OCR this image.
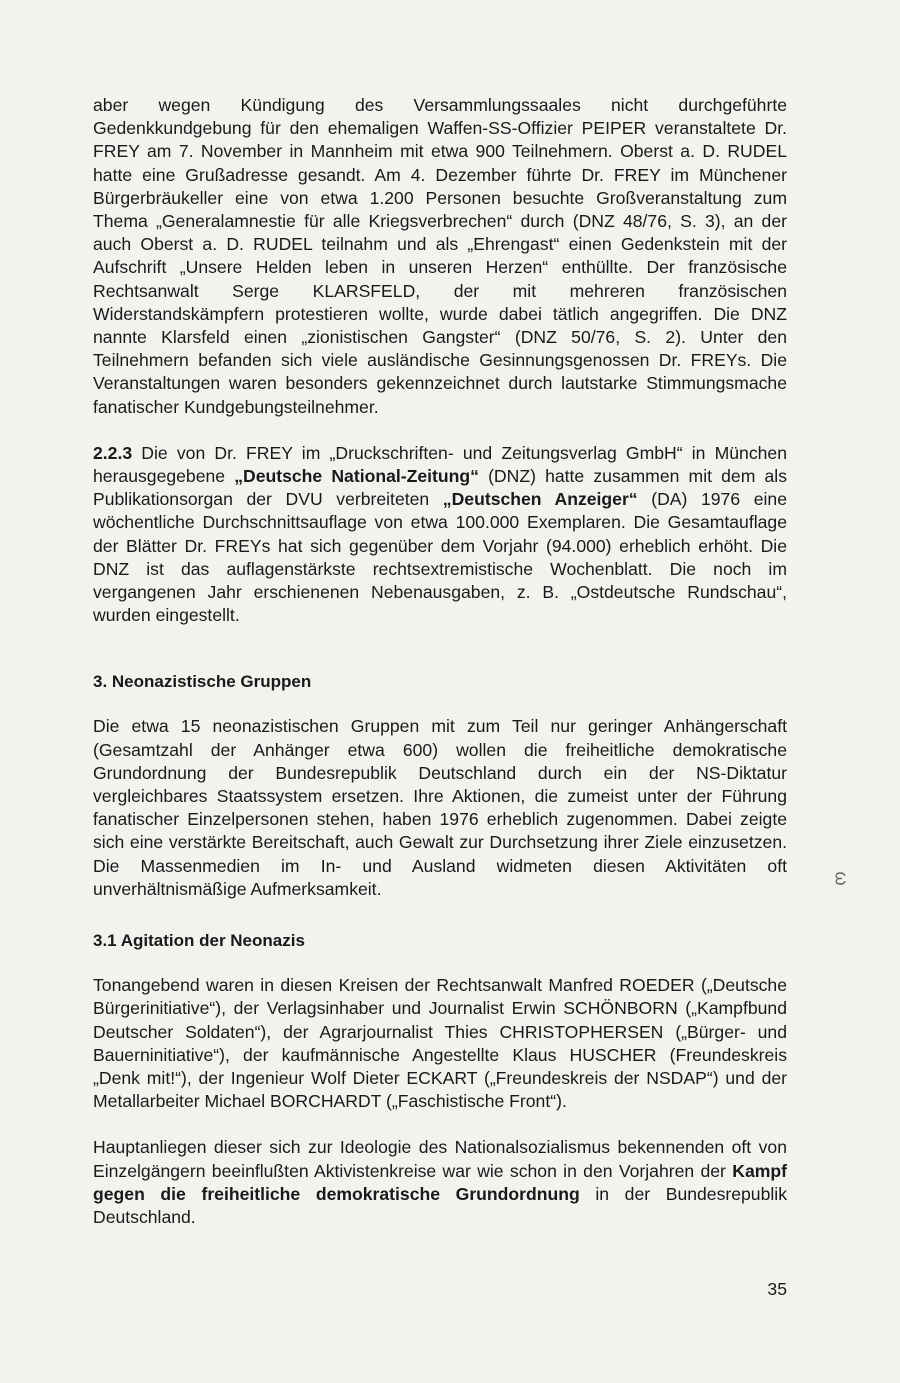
aber wegen Kündigung des Versammlungssaales nicht durchgeführte Gedenkkundgebung für den ehemaligen Waffen-SS-Offizier PEIPER veranstaltete Dr. FREY am 7. November in Mannheim mit etwa 900 Teilnehmern. Oberst a. D. RUDEL hatte eine Grußadresse gesandt. Am 4. Dezember führte Dr. FREY im Münchener Bürgerbräukeller eine von etwa 1.200 Personen besuchte Großveranstaltung zum Thema „Generalamnestie für alle Kriegsverbrechen“ durch (DNZ 48/76, S. 3), an der auch Oberst a. D. RUDEL teilnahm und als „Ehrengast“ einen Gedenkstein mit der Aufschrift „Unsere Helden leben in unseren Herzen“ enthüllte. Der französische Rechtsanwalt Serge KLARSFELD, der mit mehreren französischen Widerstandskämpfern protestieren wollte, wurde dabei tätlich angegriffen. Die DNZ nannte Klarsfeld einen „zionistischen Gangster“ (DNZ 50/76, S. 2). Unter den Teilnehmern befanden sich viele ausländische Gesinnungsgenossen Dr. FREYs. Die Veranstaltungen waren besonders gekennzeichnet durch lautstarke Stimmungsmache fanatischer Kundgebungsteilnehmer.

2.2.3 Die von Dr. FREY im „Druckschriften- und Zeitungsverlag GmbH“ in München herausgegebene „Deutsche National-Zeitung“ (DNZ) hatte zusammen mit dem als Publikationsorgan der DVU verbreiteten „Deutschen Anzeiger“ (DA) 1976 eine wöchentliche Durchschnittsauflage von etwa 100.000 Exemplaren. Die Gesamtauflage der Blätter Dr. FREYs hat sich gegenüber dem Vorjahr (94.000) erheblich erhöht. Die DNZ ist das auflagenstärkste rechtsextremistische Wochenblatt. Die noch im vergangenen Jahr erschienenen Nebenausgaben, z. B. „Ostdeutsche Rundschau“, wurden eingestellt.

3. Neonazistische Gruppen

Die etwa 15 neonazistischen Gruppen mit zum Teil nur geringer Anhängerschaft (Gesamtzahl der Anhänger etwa 600) wollen die freiheitliche demokratische Grundordnung der Bundesrepublik Deutschland durch ein der NS-Diktatur vergleichbares Staatssystem ersetzen. Ihre Aktionen, die zumeist unter der Führung fanatischer Einzelpersonen stehen, haben 1976 erheblich zugenommen. Dabei zeigte sich eine verstärkte Bereitschaft, auch Gewalt zur Durchsetzung ihrer Ziele einzusetzen. Die Massenmedien im In- und Ausland widmeten diesen Aktivitäten oft unverhältnismäßige Aufmerksamkeit.

3.1 Agitation der Neonazis

Tonangebend waren in diesen Kreisen der Rechtsanwalt Manfred ROEDER („Deutsche Bürgerinitiative“), der Verlagsinhaber und Journalist Erwin SCHÖNBORN („Kampfbund Deutscher Soldaten“), der Agrarjournalist Thies CHRISTOPHERSEN („Bürger- und Bauerninitiative“), der kaufmännische Angestellte Klaus HUSCHER (Freundeskreis „Denk mit!“), der Ingenieur Wolf Dieter ECKART („Freundeskreis der NSDAP“) und der Metallarbeiter Michael BORCHARDT („Faschistische Front“).

Hauptanliegen dieser sich zur Ideologie des Nationalsozialismus bekennenden oft von Einzelgängern beeinflußten Aktivistenkreise war wie schon in den Vorjahren der Kampf gegen die freiheitliche demokratische Grundordnung in der Bundesrepublik Deutschland.

ω
35
